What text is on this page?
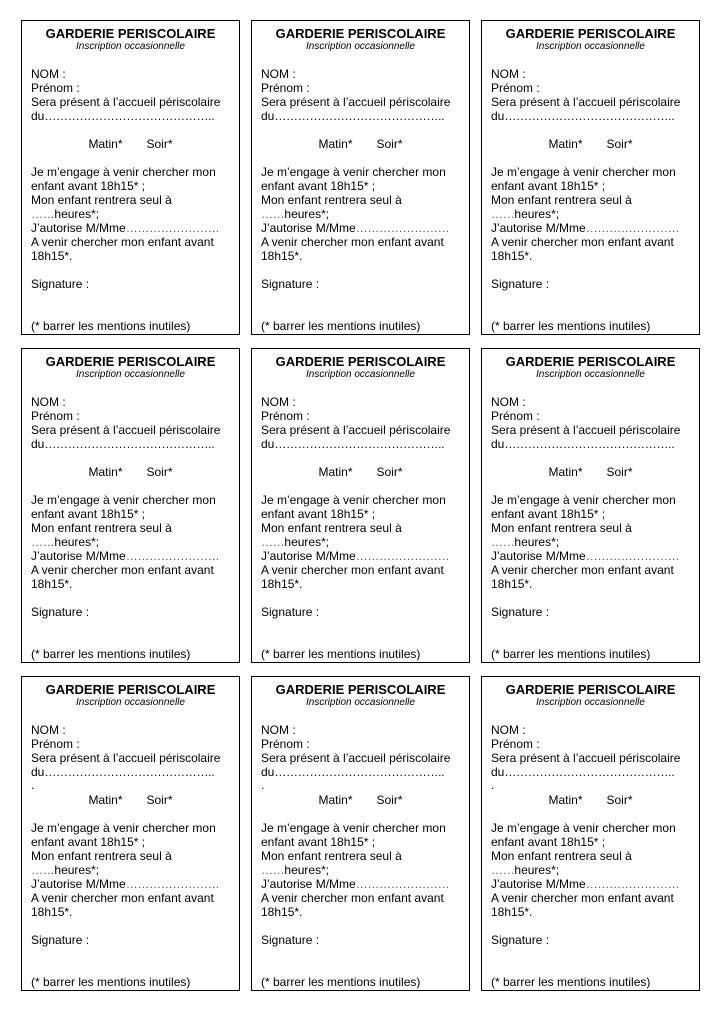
GARDERIE PERISCOLAIRE
Inscription occasionnelle
NOM :
Prénom :
Sera présent à l’accueil périscolaire
du……………………………………..
Matin* Soir*
Je m’engage à venir chercher mon
enfant avant 18h15* ;
Mon enfant rentrera seul à
……heures*;
J’autorise M/Mme……………………
A venir chercher mon enfant avant
18h15*.
Signature :
(* barrer les mentions inutiles)
GARDERIE PERISCOLAIRE
Inscription occasionnelle
NOM :
Prénom :
Sera présent à l’accueil périscolaire
du……………………………………..
Matin* Soir*
Je m’engage à venir chercher mon
enfant avant 18h15* ;
Mon enfant rentrera seul à
……heures*;
J’autorise M/Mme……………………
A venir chercher mon enfant avant
18h15*.
Signature :
(* barrer les mentions inutiles)
GARDERIE PERISCOLAIRE
Inscription occasionnelle
NOM :
Prénom :
Sera présent à l’accueil périscolaire
du……………………………………..
Matin* Soir*
Je m’engage à venir chercher mon
enfant avant 18h15* ;
Mon enfant rentrera seul à
……heures*;
J’autorise M/Mme……………………
A venir chercher mon enfant avant
18h15*.
Signature :
(* barrer les mentions inutiles)
GARDERIE PERISCOLAIRE
Inscription occasionnelle
NOM :
Prénom :
Sera présent à l’accueil périscolaire
du……………………………………..
Matin* Soir*
Je m’engage à venir chercher mon
enfant avant 18h15* ;
Mon enfant rentrera seul à
……heures*;
J’autorise M/Mme……………………
A venir chercher mon enfant avant
18h15*.
Signature :
(* barrer les mentions inutiles)
GARDERIE PERISCOLAIRE
Inscription occasionnelle
NOM :
Prénom :
Sera présent à l’accueil périscolaire
du……………………………………..
Matin* Soir*
Je m’engage à venir chercher mon
enfant avant 18h15* ;
Mon enfant rentrera seul à
……heures*;
J’autorise M/Mme……………………
A venir chercher mon enfant avant
18h15*.
Signature :
(* barrer les mentions inutiles)
GARDERIE PERISCOLAIRE
Inscription occasionnelle
NOM :
Prénom :
Sera présent à l’accueil périscolaire
du……………………………………..
Matin* Soir*
Je m’engage à venir chercher mon
enfant avant 18h15* ;
Mon enfant rentrera seul à
……heures*;
J’autorise M/Mme……………………
A venir chercher mon enfant avant
18h15*.
Signature :
(* barrer les mentions inutiles)
GARDERIE PERISCOLAIRE
Inscription occasionnelle
NOM :
Prénom :
Sera présent à l’accueil périscolaire
du……………………………………..
.
Matin* Soir*
Je m’engage à venir chercher mon
enfant avant 18h15* ;
Mon enfant rentrera seul à
……heures*;
J’autorise M/Mme……………………
A venir chercher mon enfant avant
18h15*.
Signature :
(* barrer les mentions inutiles)
GARDERIE PERISCOLAIRE
Inscription occasionnelle
NOM :
Prénom :
Sera présent à l’accueil périscolaire
du……………………………………..
.
Matin* Soir*
Je m’engage à venir chercher mon
enfant avant 18h15* ;
Mon enfant rentrera seul à
……heures*;
J’autorise M/Mme……………………
A venir chercher mon enfant avant
18h15*.
Signature :
(* barrer les mentions inutiles)
GARDERIE PERISCOLAIRE
Inscription occasionnelle
NOM :
Prénom :
Sera présent à l’accueil périscolaire
du……………………………………..
.
Matin* Soir*
Je m’engage à venir chercher mon
enfant avant 18h15* ;
Mon enfant rentrera seul à
……heures*;
J’autorise M/Mme……………………
A venir chercher mon enfant avant
18h15*.
Signature :
(* barrer les mentions inutiles)
